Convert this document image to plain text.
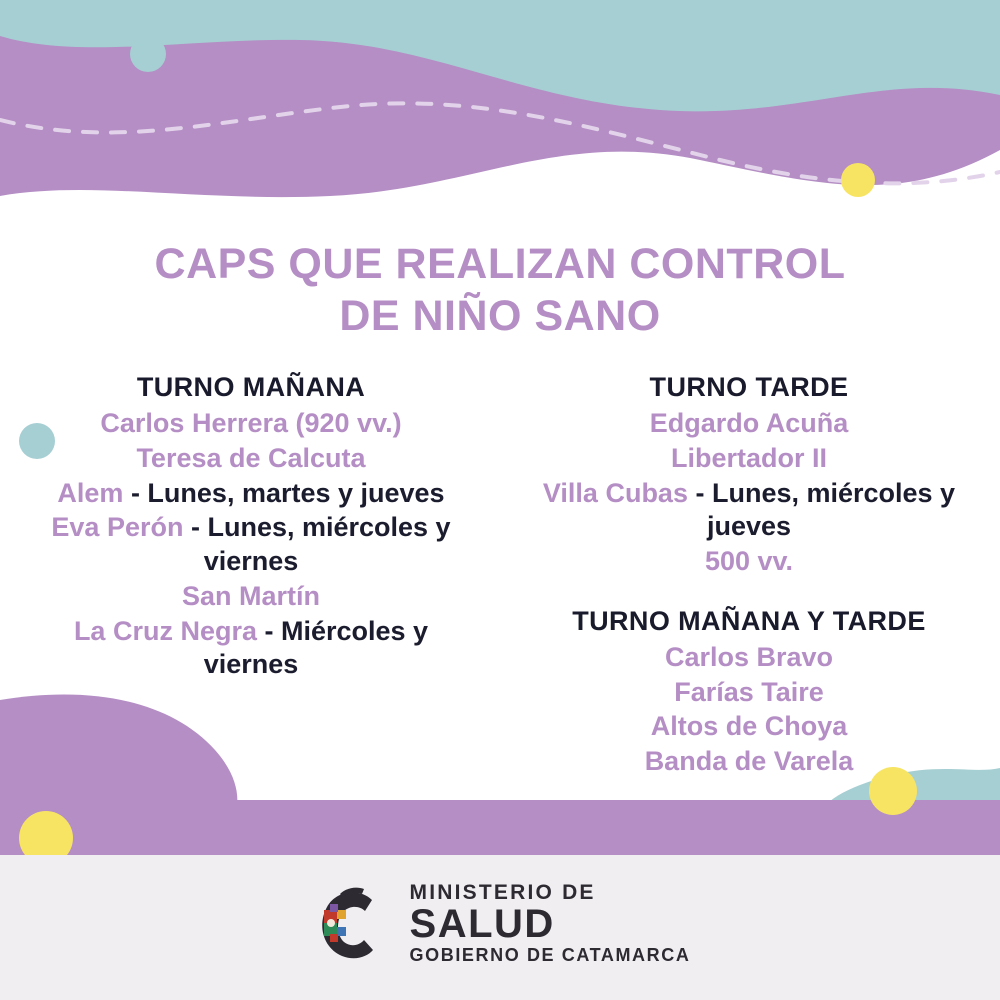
CAPS QUE REALIZAN CONTROL
DE NIÑO SANO
TURNO MAÑANA
Carlos Herrera (920 vv.)
Teresa de Calcuta
Alem - Lunes, martes y jueves
Eva Perón - Lunes, miércoles y viernes
San Martín
La Cruz Negra - Miércoles y viernes
TURNO TARDE
Edgardo Acuña
Libertador II
Villa Cubas - Lunes, miércoles y jueves
500 vv.
TURNO MAÑANA Y TARDE
Carlos Bravo
Farías Taire
Altos de Choya
Banda de Varela
MINISTERIO DE
SALUD
GOBIERNO DE CATAMARCA
